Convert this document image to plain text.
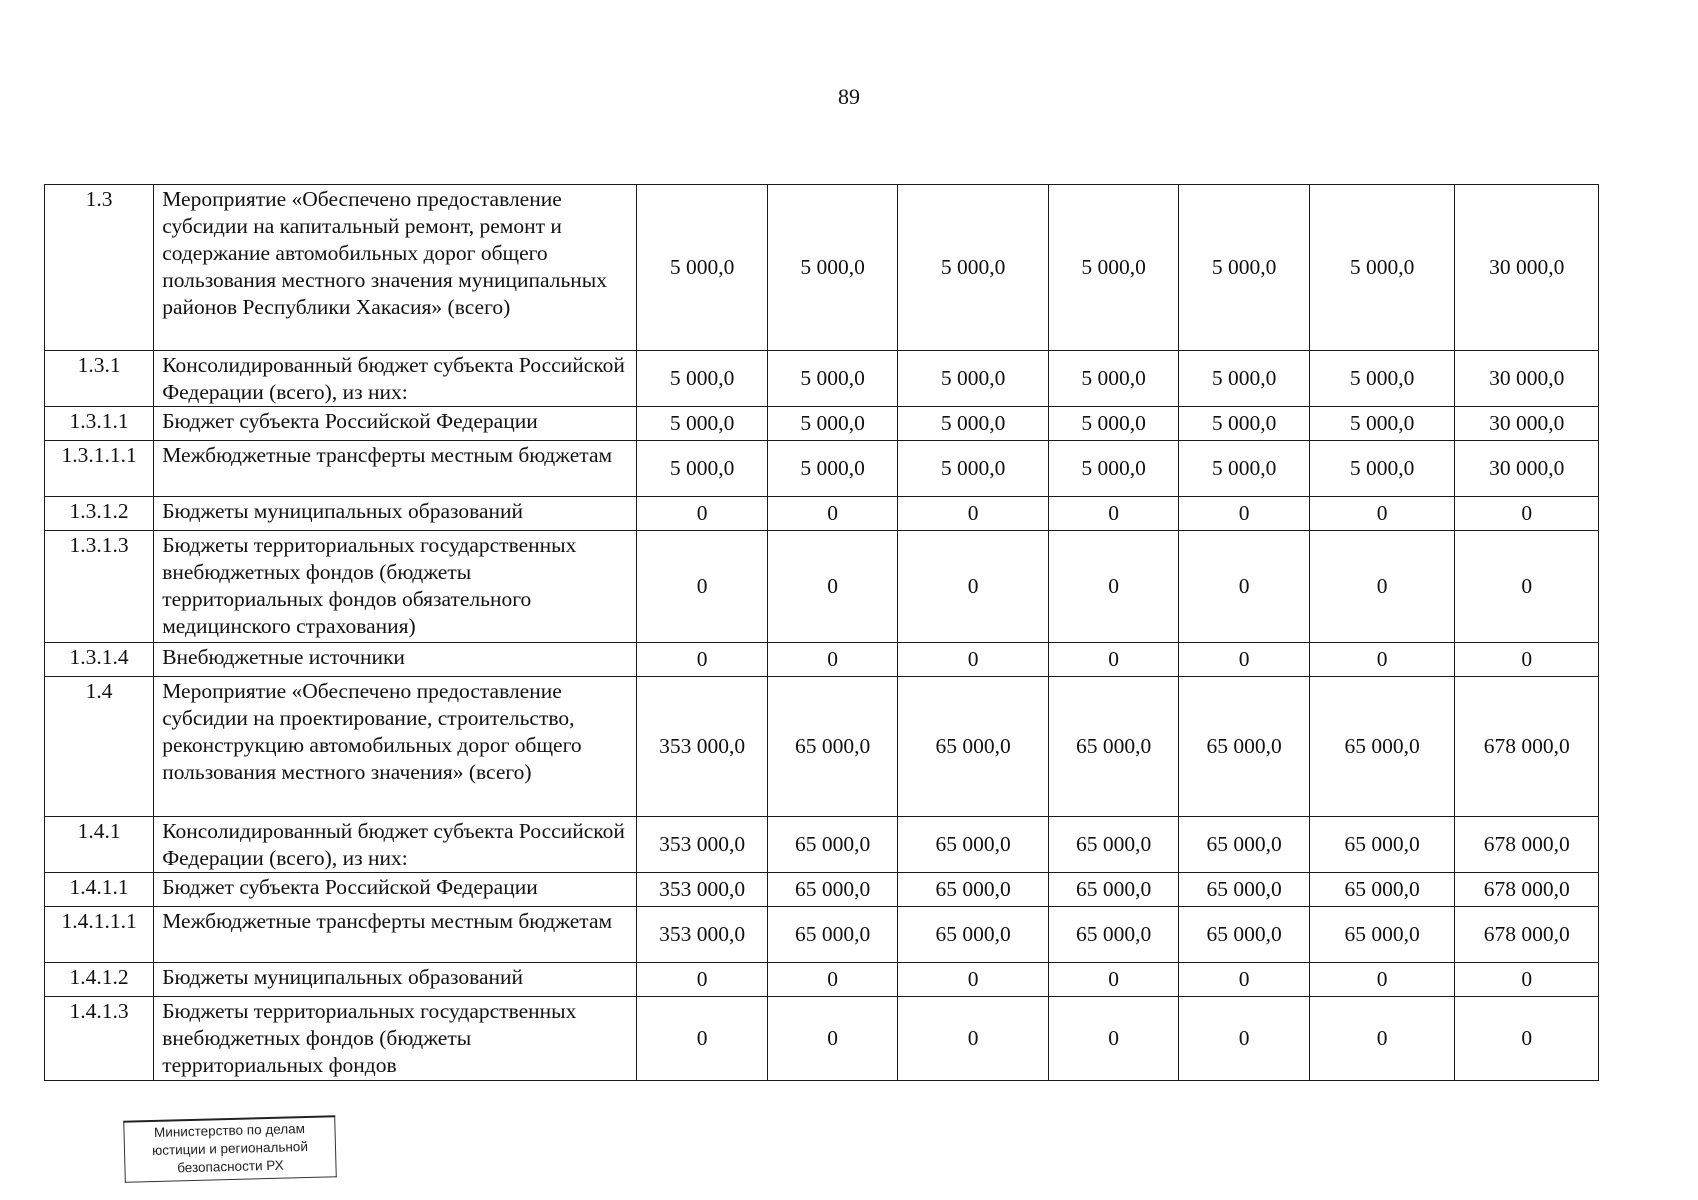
89
1.3	Мероприятие «Обеспечено предоставление субсидии на капитальный ремонт, ремонт и содержание автомобильных дорог общего пользования местного значения муниципальных районов Республики Хакасия» (всего)	5 000,0	5 000,0	5 000,0	5 000,0	5 000,0	5 000,0	30 000,0
1.3.1	Консолидированный бюджет субъекта Российской Федерации (всего), из них:	5 000,0	5 000,0	5 000,0	5 000,0	5 000,0	5 000,0	30 000,0
1.3.1.1	Бюджет субъекта Российской Федерации	5 000,0	5 000,0	5 000,0	5 000,0	5 000,0	5 000,0	30 000,0
1.3.1.1.1	Межбюджетные трансферты местным бюджетам	5 000,0	5 000,0	5 000,0	5 000,0	5 000,0	5 000,0	30 000,0
1.3.1.2	Бюджеты муниципальных образований	0	0	0	0	0	0	0
1.3.1.3	Бюджеты территориальных государственных внебюджетных фондов (бюджеты территориальных фондов обязательного медицинского страхования)	0	0	0	0	0	0	0
1.3.1.4	Внебюджетные источники	0	0	0	0	0	0	0
1.4	Мероприятие «Обеспечено предоставление субсидии на проектирование, строительство, реконструкцию автомобильных дорог общего пользования местного значения» (всего)	353 000,0	65 000,0	65 000,0	65 000,0	65 000,0	65 000,0	678 000,0
1.4.1	Консолидированный бюджет субъекта Российской Федерации (всего), из них:	353 000,0	65 000,0	65 000,0	65 000,0	65 000,0	65 000,0	678 000,0
1.4.1.1	Бюджет субъекта Российской Федерации	353 000,0	65 000,0	65 000,0	65 000,0	65 000,0	65 000,0	678 000,0
1.4.1.1.1	Межбюджетные трансферты местным бюджетам	353 000,0	65 000,0	65 000,0	65 000,0	65 000,0	65 000,0	678 000,0
1.4.1.2	Бюджеты муниципальных образований	0	0	0	0	0	0	0
1.4.1.3	Бюджеты территориальных государственных внебюджетных фондов (бюджеты территориальных фондов	0	0	0	0	0	0	0
Министерство по делам
юстиции и региональной
безопасности РХ
